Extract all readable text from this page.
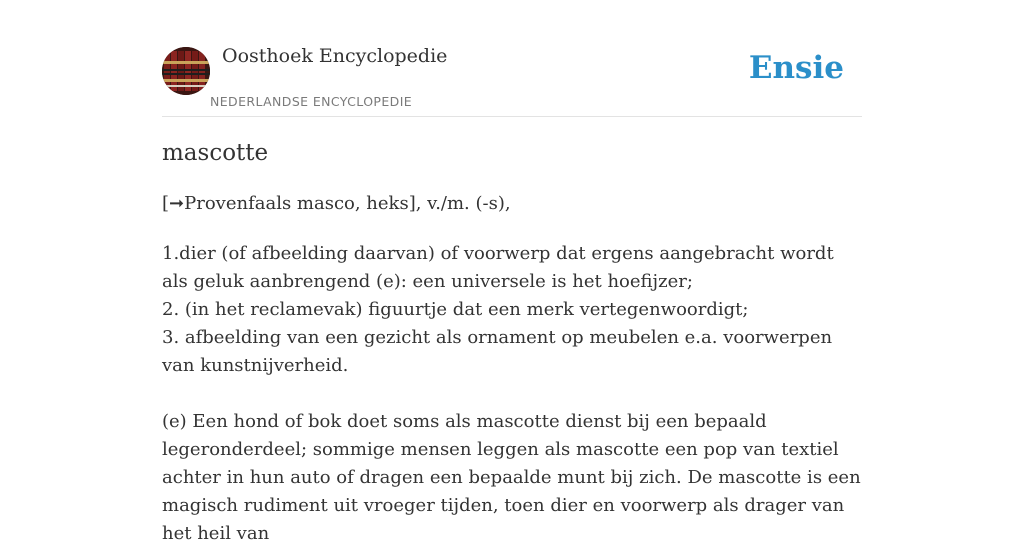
Oosthoek Encyclopedie
NEDERLANDSE ENCYCLOPEDIE
Ensie
mascotte
[➞Provenfaals masco, heks], v./m. (-s),

1.dier (of afbeelding daarvan) of voorwerp dat ergens aangebracht wordt als geluk aanbrengend (e): een universele is het hoefijzer;

2. (in het reclamevak) figuurtje dat een merk vertegenwoordigt;

3. afbeelding van een gezicht als ornament op meubelen e.a. voorwerpen van kunstnijverheid.

(e) Een hond of bok doet soms als mascotte dienst bij een bepaald legeronderdeel; sommige mensen leggen als mascotte een pop van textiel achter in hun auto of dragen een bepaalde munt bij zich. De mascotte is een magisch rudiment uit vroeger tijden, toen dier en voorwerp als drager van het heil van
